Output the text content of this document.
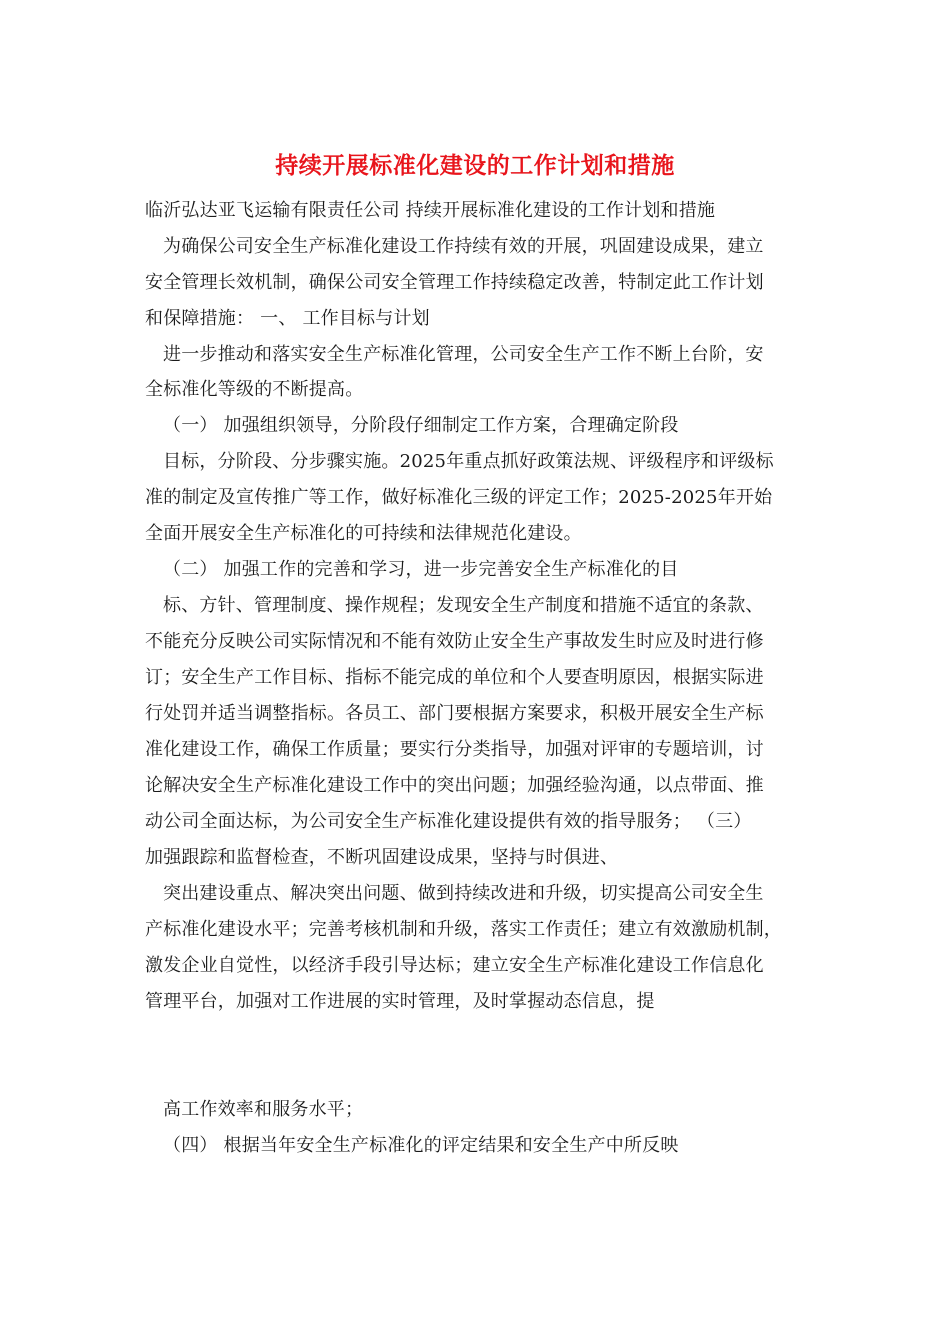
持续开展标准化建设的工作计划和措施
临沂弘达亚飞运输有限责任公司 持续开展标准化建设的工作计划和措施
为确保公司安全生产标准化建设工作持续有效的开展，巩固建设成果，建立
安全管理长效机制，确保公司安全管理工作持续稳定改善，特制定此工作计划
和保障措施： 一、 工作目标与计划
进一步推动和落实安全生产标准化管理，公司安全生产工作不断上台阶，安
全标准化等级的不断提高。
（一） 加强组织领导，分阶段仔细制定工作方案，合理确定阶段
目标，分阶段、分步骤实施。2025年重点抓好政策法规、评级程序和评级标
准的制定及宣传推广等工作，做好标准化三级的评定工作；2025-2025年开始
全面开展安全生产标准化的可持续和法律规范化建设。
（二） 加强工作的完善和学习，进一步完善安全生产标准化的目
标、方针、管理制度、操作规程；发现安全生产制度和措施不适宜的条款、
不能充分反映公司实际情况和不能有效防止安全生产事故发生时应及时进行修
订；安全生产工作目标、指标不能完成的单位和个人要查明原因，根据实际进
行处罚并适当调整指标。各员工、部门要根据方案要求，积极开展安全生产标
准化建设工作，确保工作质量；要实行分类指导，加强对评审的专题培训，讨
论解决安全生产标准化建设工作中的突出问题；加强经验沟通，以点带面、推
动公司全面达标，为公司安全生产标准化建设提供有效的指导服务； （三）
加强跟踪和监督检查，不断巩固建设成果，坚持与时俱进、
突出建设重点、解决突出问题、做到持续改进和升级，切实提高公司安全生
产标准化建设水平；完善考核机制和升级，落实工作责任；建立有效激励机制，
激发企业自觉性，以经济手段引导达标；建立安全生产标准化建设工作信息化
管理平台，加强对工作进展的实时管理，及时掌握动态信息，提
高工作效率和服务水平；
（四） 根据当年安全生产标准化的评定结果和安全生产中所反映
